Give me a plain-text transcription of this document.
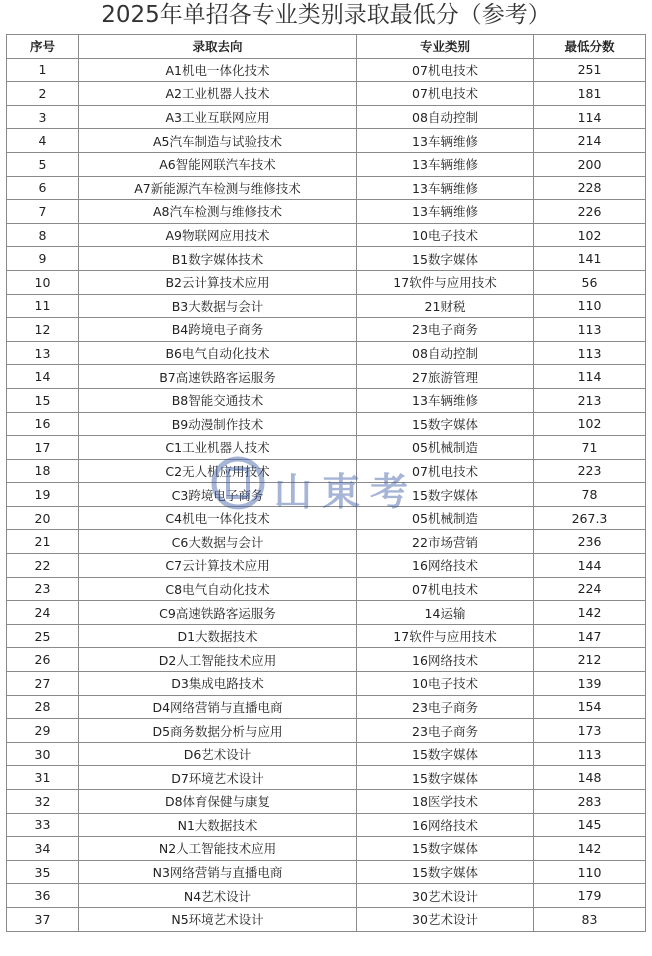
2025年单招各专业类别录取最低分（参考）
序号	录取去向	专业类别	最低分数
1	A1机电一体化技术	07机电技术	251
2	A2工业机器人技术	07机电技术	181
3	A3工业互联网应用	08自动控制	114
4	A5汽车制造与试验技术	13车辆维修	214
5	A6智能网联汽车技术	13车辆维修	200
6	A7新能源汽车检测与维修技术	13车辆维修	228
7	A8汽车检测与维修技术	13车辆维修	226
8	A9物联网应用技术	10电子技术	102
9	B1数字媒体技术	15数字媒体	141
10	B2云计算技术应用	17软件与应用技术	56
11	B3大数据与会计	21财税	110
12	B4跨境电子商务	23电子商务	113
13	B6电气自动化技术	08自动控制	113
14	B7高速铁路客运服务	27旅游管理	114
15	B8智能交通技术	13车辆维修	213
16	B9动漫制作技术	15数字媒体	102
17	C1工业机器人技术	05机械制造	71
18	C2无人机应用技术	07机电技术	223
19	C3跨境电子商务	15数字媒体	78
20	C4机电一体化技术	05机械制造	267.3
21	C6大数据与会计	22市场营销	236
22	C7云计算技术应用	16网络技术	144
23	C8电气自动化技术	07机电技术	224
24	C9高速铁路客运服务	14运输	142
25	D1大数据技术	17软件与应用技术	147
26	D2人工智能技术应用	16网络技术	212
27	D3集成电路技术	10电子技术	139
28	D4网络营销与直播电商	23电子商务	154
29	D5商务数据分析与应用	23电子商务	173
30	D6艺术设计	15数字媒体	113
31	D7环境艺术设计	15数字媒体	148
32	D8体育保健与康复	18医学技术	283
33	N1大数据技术	16网络技术	145
34	N2人工智能技术应用	15数字媒体	142
35	N3网络营销与直播电商	15数字媒体	110
36	N4艺术设计	30艺术设计	179
37	N5环境艺术设计	30艺术设计	83
山東考
